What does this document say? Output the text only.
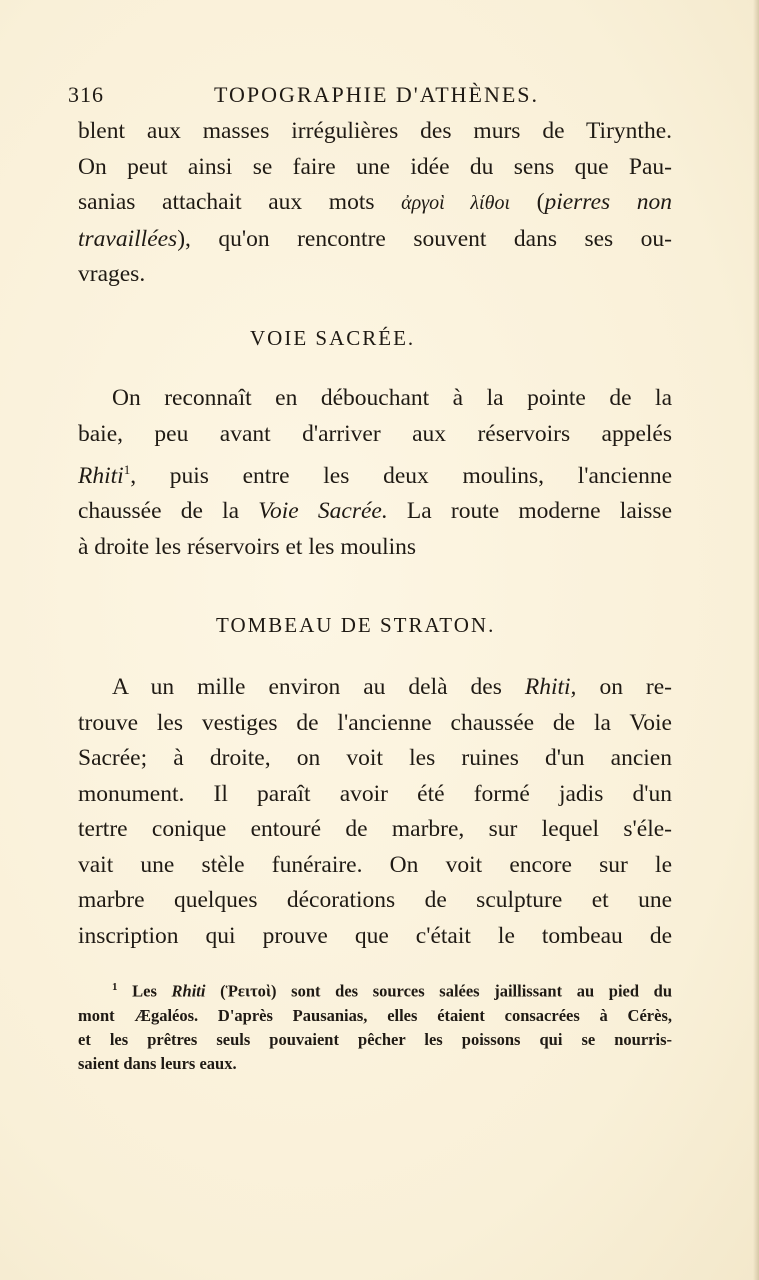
316	TOPOGRAPHIE D'ATHÈNES.
blent aux masses irrégulières des murs de Tirynthe.
On peut ainsi se faire une idée du sens que Pau-
sanias attachait aux mots ἀργοὶ λίθοι (pierres non
travaillées), qu'on rencontre souvent dans ses ou-
vrages.
VOIE SACRÉE.
On reconnaît en débouchant à la pointe de la
baie, peu avant d'arriver aux réservoirs appelés
Rhiti$^1$, puis entre les deux moulins, l'ancienne
chaussée de la Voie Sacrée. La route moderne laisse
à droite les réservoirs et les moulins
TOMBEAU DE STRATON.
A un mille environ au delà des Rhiti, on re-
trouve les vestiges de l'ancienne chaussée de la Voie
Sacrée; à droite, on voit les ruines d'un ancien
monument. Il paraît avoir été formé jadis d'un
tertre conique entouré de marbre, sur lequel s'éle-
vait une stèle funéraire. On voit encore sur le
marbre quelques décorations de sculpture et une
inscription qui prouve que c'était le tombeau de
$^1$ Les Rhiti (Ῥειτοὶ) sont des sources salées jaillissant au pied du
mont Ægaléos. D'après Pausanias, elles étaient consacrées à Cérès,
et les prêtres seuls pouvaient pêcher les poissons qui se nourris-
saient dans leurs eaux.
